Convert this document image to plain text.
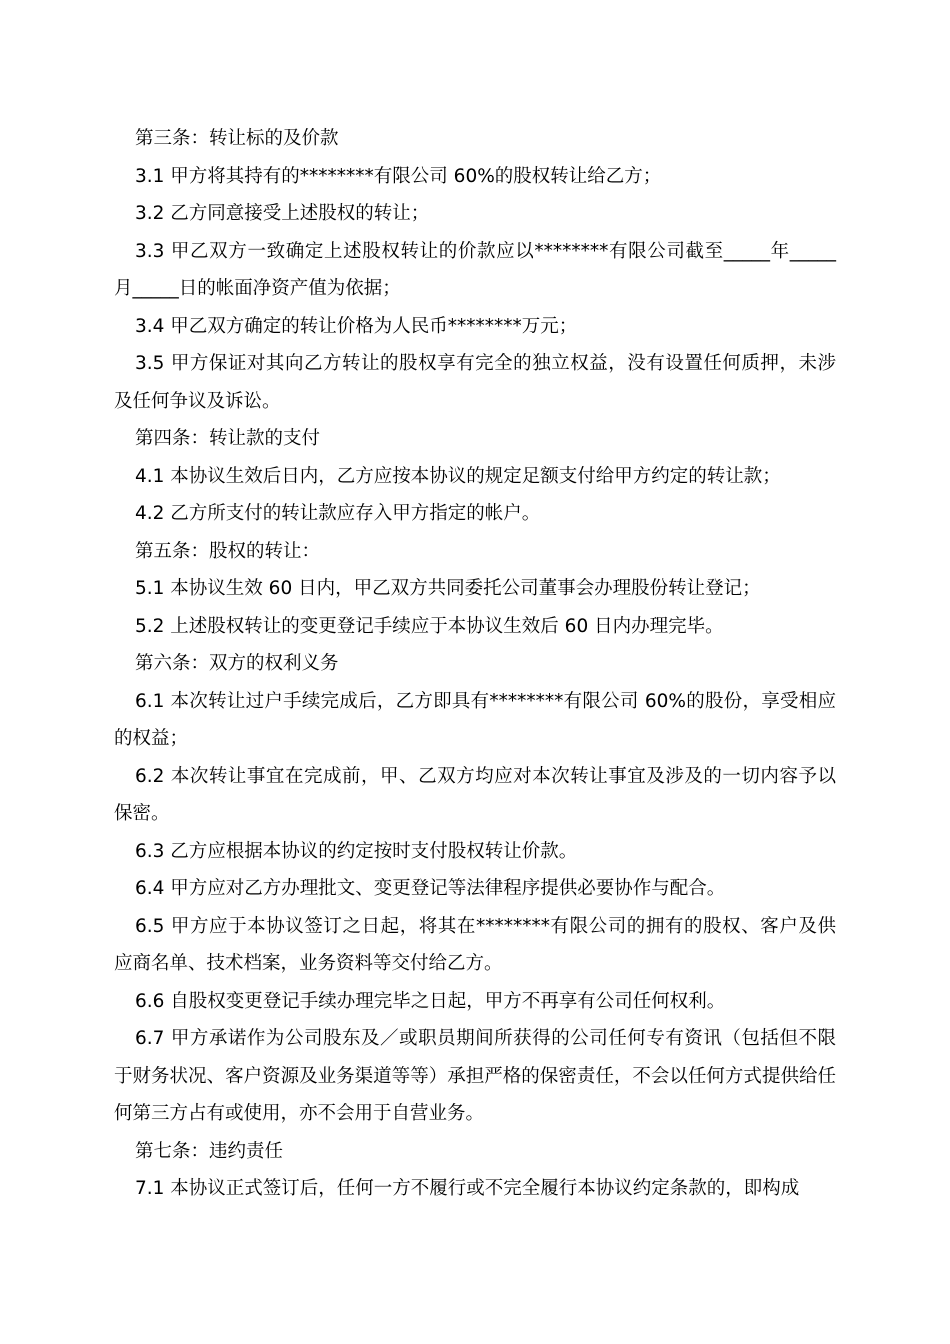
第三条：转让标的及价款

3.1 甲方将其持有的********有限公司 60%的股权转让给乙方；

3.2 乙方同意接受上述股权的转让；

3.3 甲乙双方一致确定上述股权转让的价款应以********有限公司截至_____年_____月_____日的帐面净资产值为依据；

3.4 甲乙双方确定的转让价格为人民币********万元；

3.5 甲方保证对其向乙方转让的股权享有完全的独立权益，没有设置任何质押，未涉及任何争议及诉讼。

第四条：转让款的支付

4.1 本协议生效后日内，乙方应按本协议的规定足额支付给甲方约定的转让款；

4.2 乙方所支付的转让款应存入甲方指定的帐户。

第五条：股权的转让：

5.1 本协议生效 60 日内，甲乙双方共同委托公司董事会办理股份转让登记；

5.2 上述股权转让的变更登记手续应于本协议生效后 60 日内办理完毕。

第六条：双方的权利义务

6.1 本次转让过户手续完成后，乙方即具有********有限公司 60%的股份，享受相应的权益；

6.2 本次转让事宜在完成前，甲、乙双方均应对本次转让事宜及涉及的一切内容予以保密。

6.3 乙方应根据本协议的约定按时支付股权转让价款。

6.4 甲方应对乙方办理批文、变更登记等法律程序提供必要协作与配合。

6.5 甲方应于本协议签订之日起，将其在********有限公司的拥有的股权、客户及供应商名单、技术档案，业务资料等交付给乙方。

6.6 自股权变更登记手续办理完毕之日起，甲方不再享有公司任何权利。

6.7 甲方承诺作为公司股东及／或职员期间所获得的公司任何专有资讯（包括但不限于财务状况、客户资源及业务渠道等等）承担严格的保密责任，不会以任何方式提供给任何第三方占有或使用，亦不会用于自营业务。

第七条：违约责任

7.1 本协议正式签订后，任何一方不履行或不完全履行本协议约定条款的，即构成
